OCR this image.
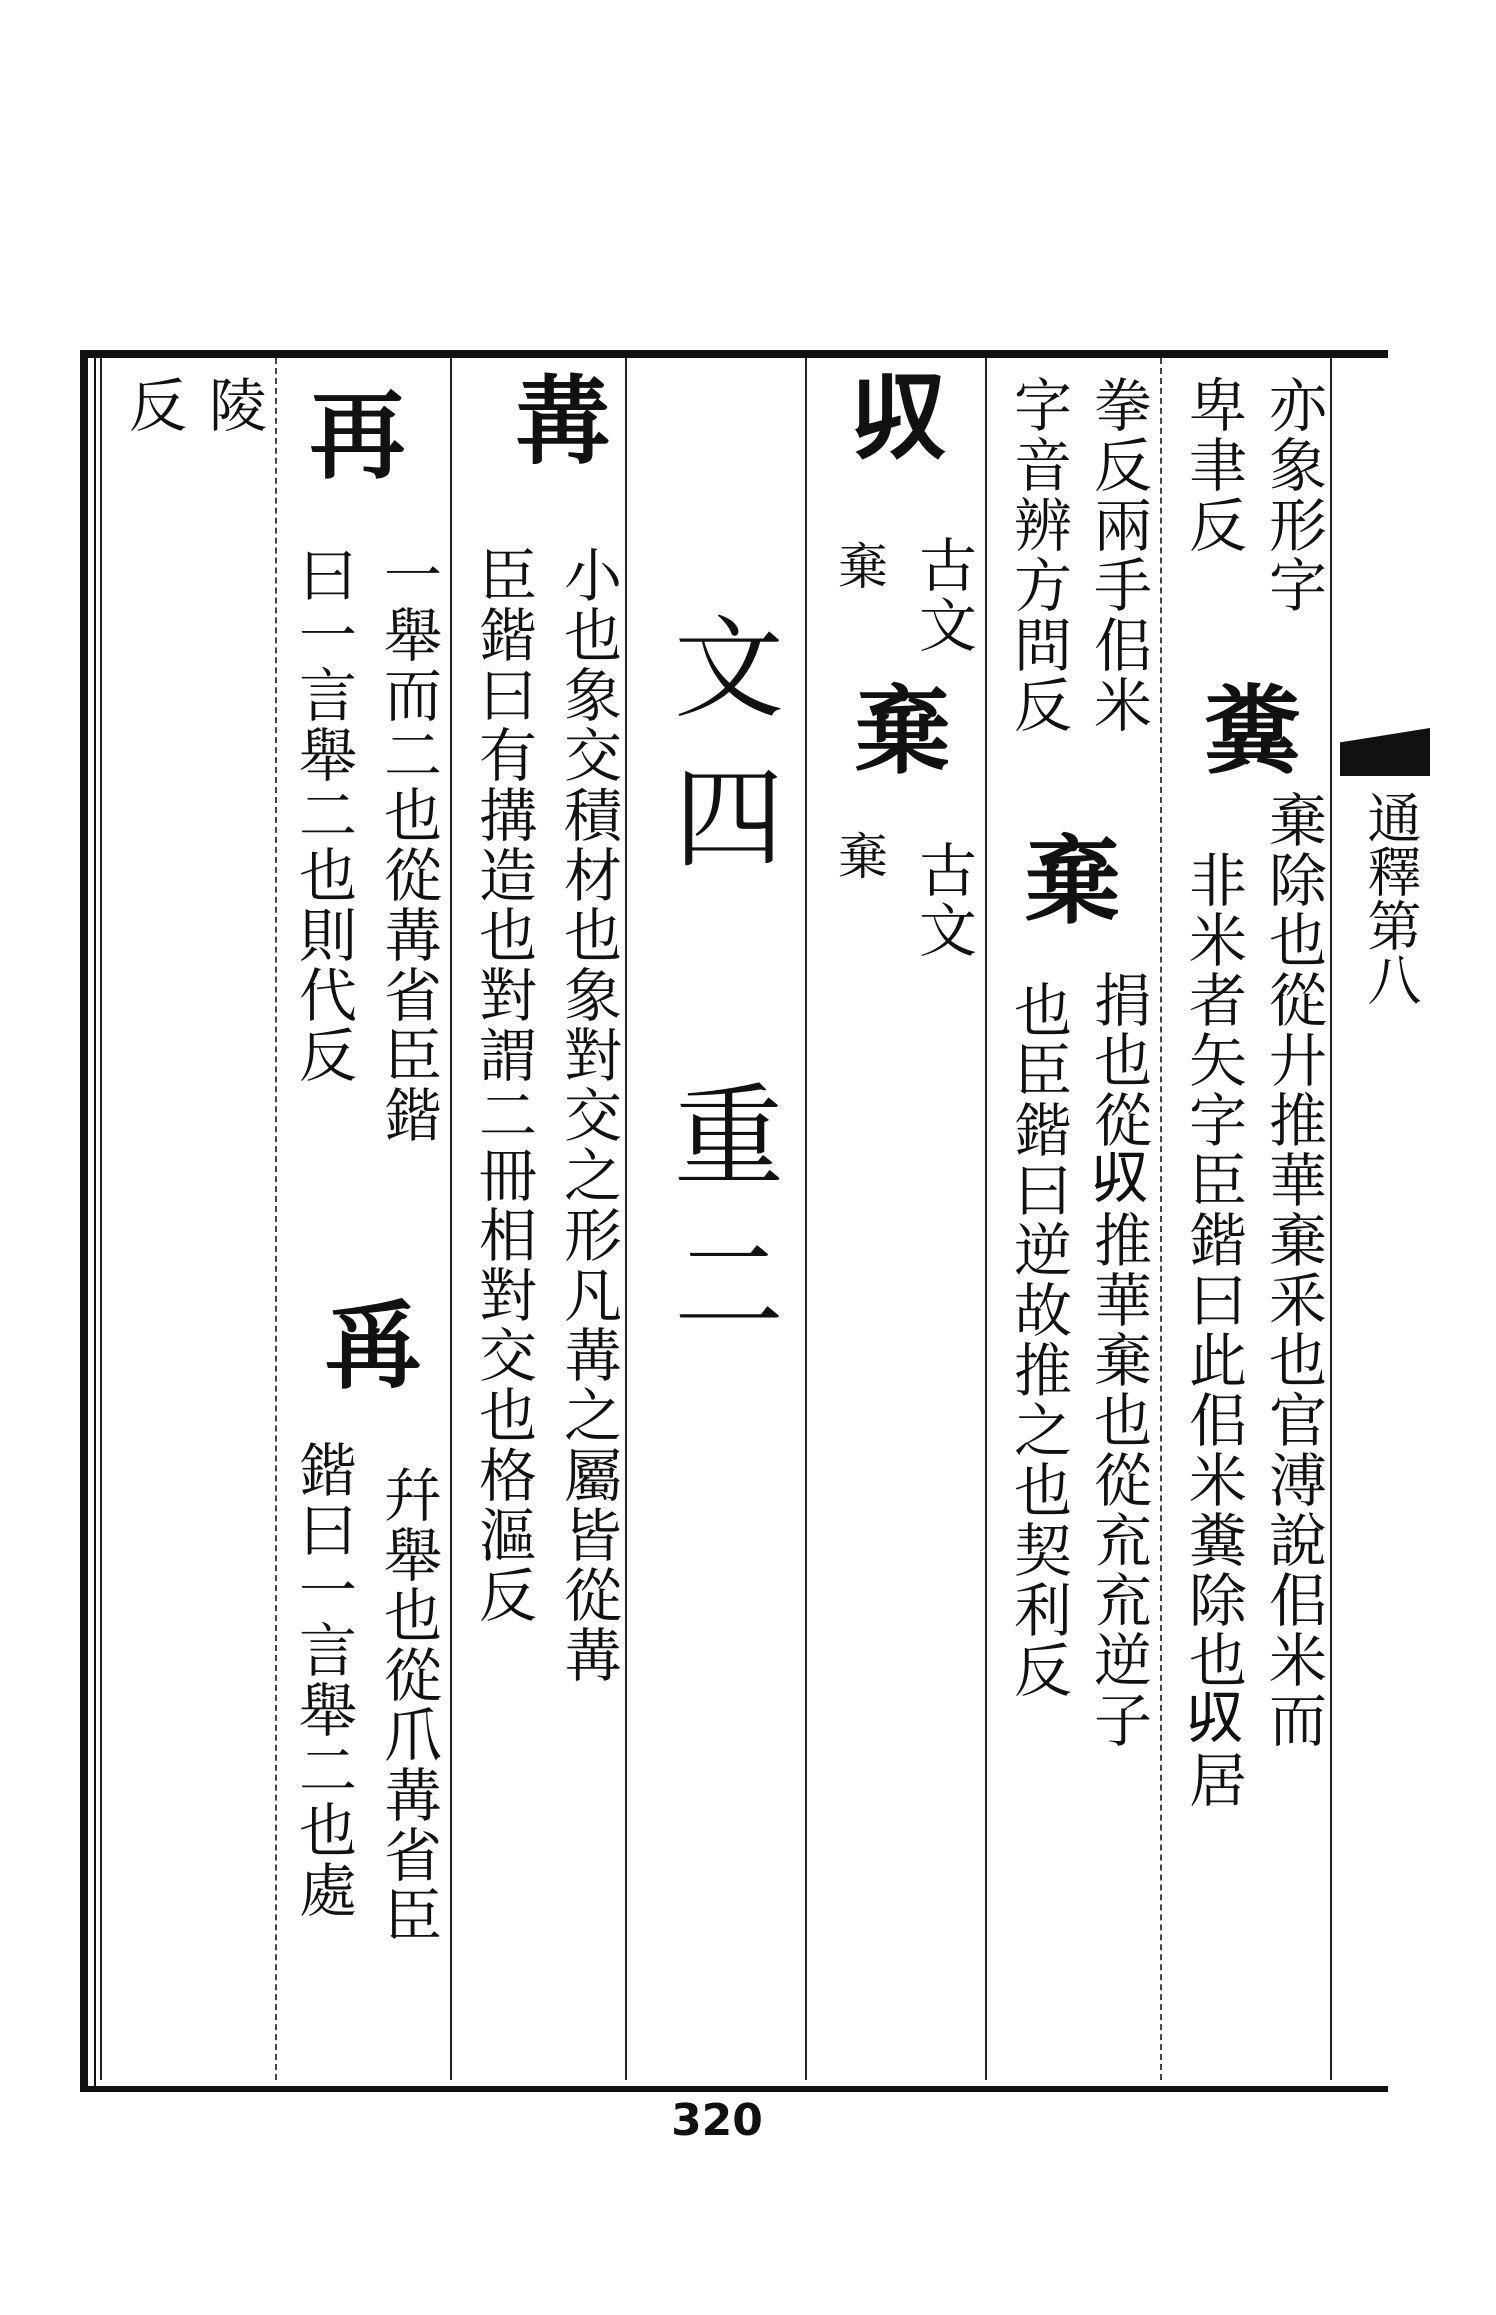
通釋第八
亦象形字
卑聿反
糞
棄除也從廾推華棄釆也官溥說佀米而
非米者矢字臣鍇曰此佀米糞除也𠬞居
拳反兩手佀米
字音辨方問反
棄
捐也從𠬞推華棄也從㐬㐬逆子
也臣鍇曰逆故推之也契利反
𠬞
古文
棄
棄
古文
棄
文四 重二
冓
小也象交積材也象對交之形凡冓之屬皆從冓
臣鍇曰有搆造也對謂二冊相對交也格漚反
再
一舉而二也從冓省臣鍇
曰一言舉二也則代反
爯
幷舉也從爪冓省臣
鍇曰一言舉二也處
陵
反
320
